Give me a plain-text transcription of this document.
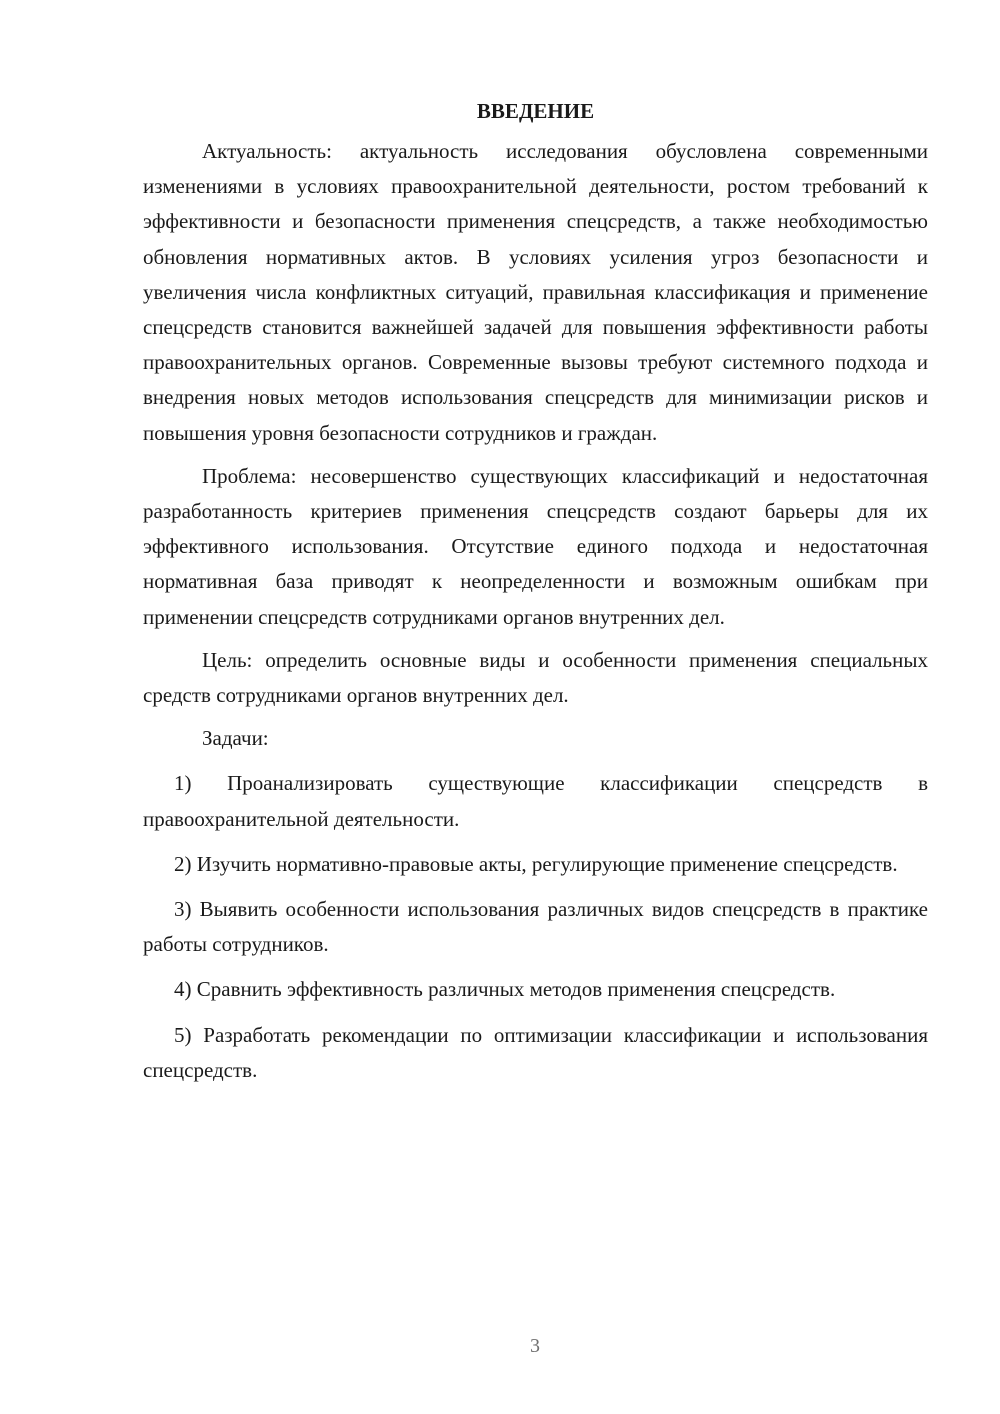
ВВЕДЕНИЕ

Актуальность: актуальность исследования обусловлена современными изменениями в условиях правоохранительной деятельности, ростом требований к эффективности и безопасности применения спецсредств, а также необходимостью обновления нормативных актов. В условиях усиления угроз безопасности и увеличения числа конфликтных ситуаций, правильная классификация и применение спецсредств становится важнейшей задачей для повышения эффективности работы правоохранительных органов. Современные вызовы требуют системного подхода и внедрения новых методов использования спецсредств для минимизации рисков и повышения уровня безопасности сотрудников и граждан.

Проблема: несовершенство существующих классификаций и недостаточная разработанность критериев применения спецсредств создают барьеры для их эффективного использования. Отсутствие единого подхода и недостаточная нормативная база приводят к неопределенности и возможным ошибкам при применении спецсредств сотрудниками органов внутренних дел.

Цель: определить основные виды и особенности применения специальных средств сотрудниками органов внутренних дел.

Задачи:

1) Проанализировать существующие классификации спецсредств в правоохранительной деятельности.

2) Изучить нормативно-правовые акты, регулирующие применение спецсредств.

3) Выявить особенности использования различных видов спецсредств в практике работы сотрудников.

4) Сравнить эффективность различных методов применения спецсредств.

5) Разработать рекомендации по оптимизации классификации и использования спецсредств.

3
